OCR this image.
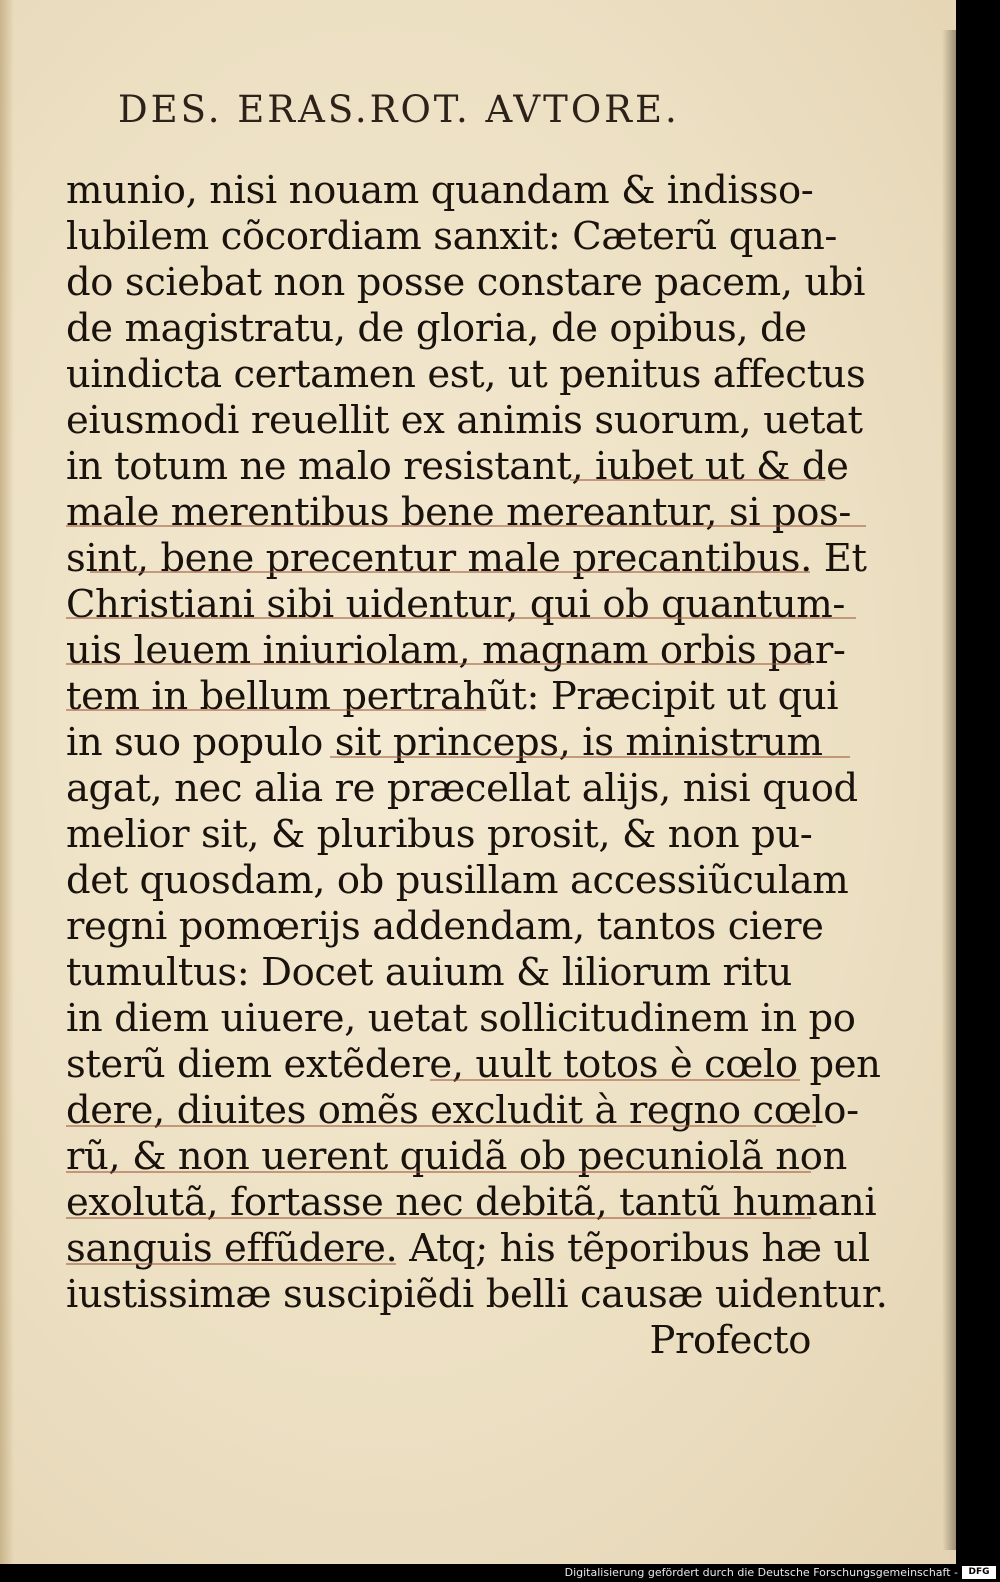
DES. ERAS.ROT. AVTORE.
munio, nisi nouam quandam & indisso-
lubilem cõcordiam sanxit: Cæterũ quan-
do sciebat non posse constare pacem, ubi
de magistratu, de gloria, de opibus, de
uindicta certamen est, ut penitus affectus
eiusmodi reuellit ex animis suorum, uetat
in totum ne malo resistant, iubet ut & de
male merentibus bene mereantur, si pos-
sint, bene precentur male precantibus. Et
Christiani sibi uidentur, qui ob quantum-
uis leuem iniuriolam, magnam orbis par-
tem in bellum pertrahũt: Præcipit ut qui
in suo populo sit princeps, is ministrum
agat, nec alia re præcellat alijs, nisi quod
melior sit, & pluribus prosit, & non pu-
det quosdam, ob pusillam accessiũculam
regni pomœrijs addendam, tantos ciere
tumultus: Docet auium & liliorum ritu
in diem uiuere, uetat sollicitudinem in po
sterũ diem extẽdere, uult totos è cœlo pen
dere, diuites omẽs excludit à regno cœlo-
rũ, & non uerent quidã ob pecuniolã non
exolutã, fortasse nec debitã, tantũ humani
sanguis effũdere. Atq; his tẽporibus hæ ul
iustissimæ suscipiẽdi belli causæ uidentur.
Profecto
Digitalisierung gefördert durch die Deutsche Forschungsgemeinschaft -	DFG
